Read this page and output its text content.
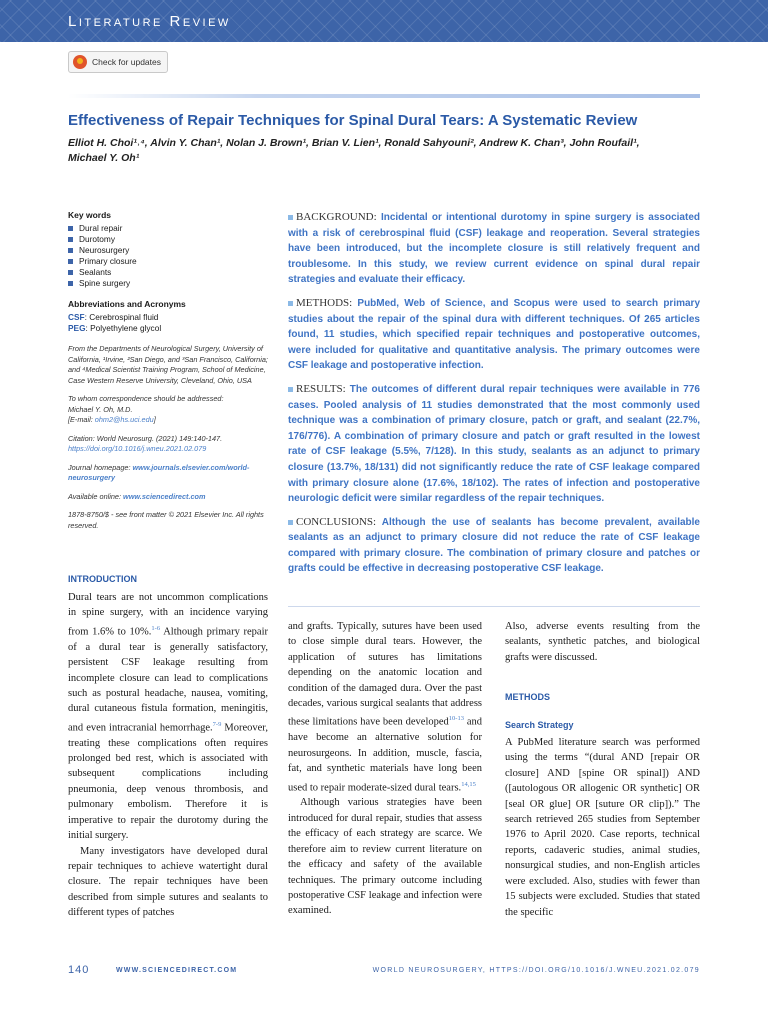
Literature Review
Check for updates
Effectiveness of Repair Techniques for Spinal Dural Tears: A Systematic Review
Elliot H. Choi¹˒⁴, Alvin Y. Chan¹, Nolan J. Brown¹, Brian V. Lien¹, Ronald Sahyouni², Andrew K. Chan³, John Roufail¹,
Michael Y. Oh¹
Key words
Dural repair
Durotomy
Neurosurgery
Primary closure
Sealants
Spine surgery
Abbreviations and Acronyms
CSF: Cerebrospinal fluid
PEG: Polyethylene glycol
From the Departments of Neurological Surgery, University of California, ¹Irvine, ²San Diego, and ³San Francisco, California; and ⁴Medical Scientist Training Program, School of Medicine, Case Western Reserve University, Cleveland, Ohio, USA
To whom correspondence should be addressed:
Michael Y. Oh, M.D.
[E-mail: ohm2@hs.uci.edu]
Citation: World Neurosurg. (2021) 149:140-147.
https://doi.org/10.1016/j.wneu.2021.02.079
Journal homepage: www.journals.elsevier.com/world-neurosurgery
Available online: www.sciencedirect.com
1878-8750/$ - see front matter © 2021 Elsevier Inc. All rights reserved.

BACKGROUND: Incidental or intentional durotomy in spine surgery is associated with a risk of cerebrospinal fluid (CSF) leakage and reoperation. Several strategies have been introduced, but the incomplete closure is still relatively frequent and troublesome. In this study, we review current evidence on spinal dural repair strategies and evaluate their efficacy.

METHODS: PubMed, Web of Science, and Scopus were used to search primary studies about the repair of the spinal dura with different techniques. Of 265 articles found, 11 studies, which specified repair techniques and postoperative outcomes, were included for qualitative and quantitative analysis. The primary outcomes were CSF leakage and postoperative infection.

RESULTS: The outcomes of different dural repair techniques were available in 776 cases. Pooled analysis of 11 studies demonstrated that the most commonly used technique was a combination of primary closure, patch or graft, and sealant (22.7%, 176/776). A combination of primary closure and patch or graft resulted in the lowest rate of CSF leakage (5.5%, 7/128). In this study, sealants as an adjunct to primary closure (13.7%, 18/131) did not significantly reduce the rate of CSF leakage compared with primary closure alone (17.6%, 18/102). The rates of infection and postoperative neurologic deficit were similar regardless of the repair techniques.

CONCLUSIONS: Although the use of sealants has become prevalent, available sealants as an adjunct to primary closure did not reduce the rate of CSF leakage compared with primary closure. The combination of primary closure and patches or grafts could be effective in decreasing postoperative CSF leakage.

INTRODUCTION

Dural tears are not uncommon complications in spine surgery, with an incidence varying from 1.6% to 10%.$^{1-6}$ Although primary repair of a dural tear is generally satisfactory, persistent CSF leakage resulting from incomplete closure can lead to complications such as postural headache, nausea, vomiting, dural cutaneous fistula formation, meningitis, and even intracranial hemorrhage.$^{7-9}$ Moreover, treating these complications often requires prolonged bed rest, which is associated with subsequent complications including pneumonia, deep venous thrombosis, and pulmonary embolism. Therefore it is imperative to repair the durotomy during the initial surgery.

Many investigators have developed dural repair techniques to achieve watertight dural closure. The repair techniques have been described from simple sutures and sealants to different types of patches

and grafts. Typically, sutures have been used to close simple dural tears. However, the application of sutures has limitations depending on the anatomic location and condition of the damaged dura. Over the past decades, various surgical sealants that address these limitations have been developed$^{10-13}$ and have become an alternative solution for neurosurgeons. In addition, muscle, fascia, fat, and synthetic materials have long been used to repair moderate-sized dural tears.$^{14,15}$

Although various strategies have been introduced for dural repair, studies that assess the efficacy of each strategy are scarce. We therefore aim to review current literature on the efficacy and safety of the available techniques. The primary outcome including postoperative CSF leakage and infection were examined.

Also, adverse events resulting from the sealants, synthetic patches, and biological grafts were discussed.

METHODS
Search Strategy

A PubMed literature search was performed using the terms “(dural AND [repair OR closure] AND [spine OR spinal]) AND ([autologous OR allogenic OR synthetic] OR [seal OR glue] OR [suture OR clip]).” The search retrieved 265 studies from September 1976 to April 2020. Case reports, technical reports, cadaveric studies, animal studies, nonsurgical studies, and non-English articles were excluded. Also, studies with fewer than 15 subjects were excluded. Studies that stated the specific

140	WWW.SCIENCEDIRECT.COM	WORLD NEUROSURGERY, HTTPS://DOI.ORG/10.1016/J.WNEU.2021.02.079
